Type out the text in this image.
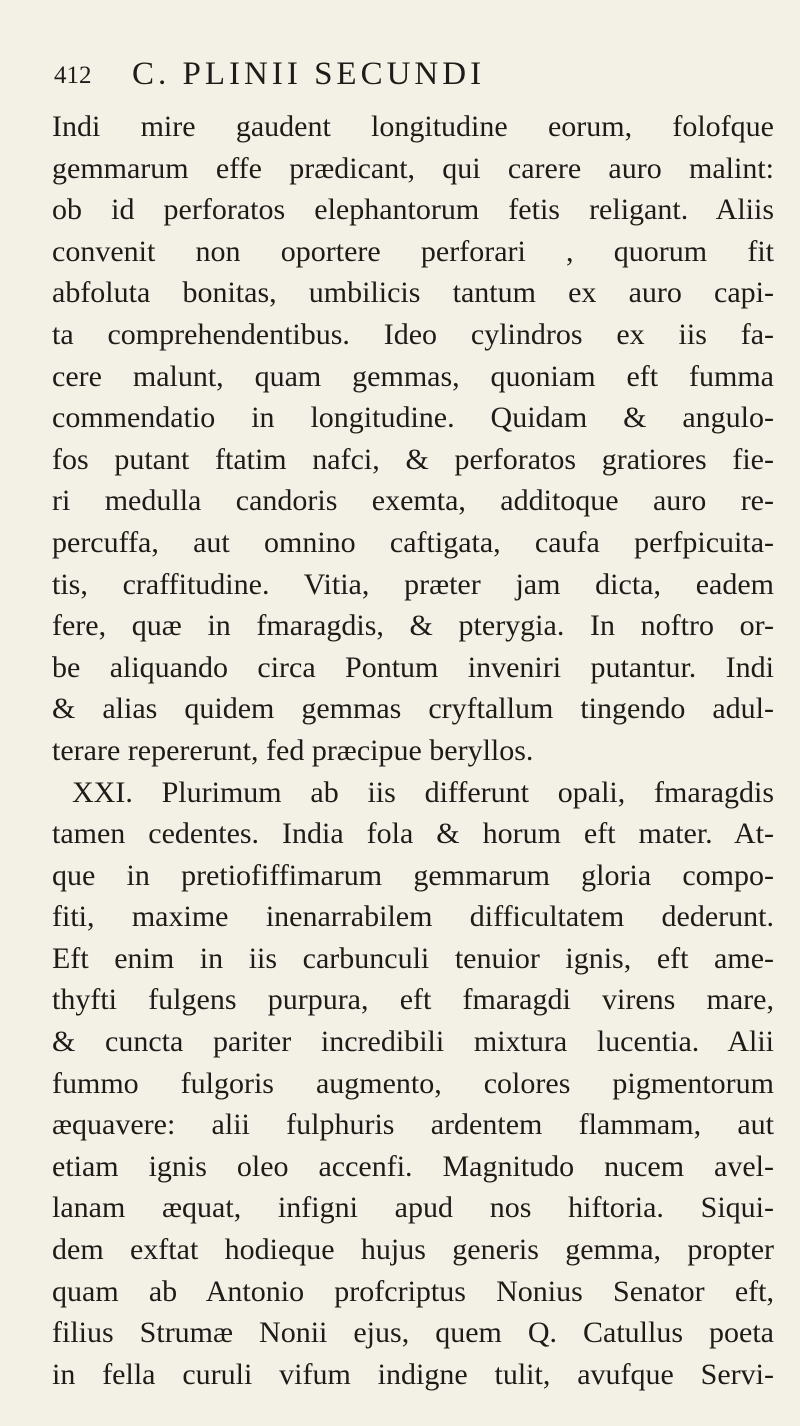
412 C. PLINII SECUNDI
Indi mire gaudent longitudine eorum, folofque
gemmarum effe prædicant, qui carere auro malint:
ob id perforatos elephantorum fetis religant. Aliis
convenit non oportere perforari , quorum fit
abfoluta bonitas, umbilicis tantum ex auro capi-
ta comprehendentibus. Ideo cylindros ex iis fa-
cere malunt, quam gemmas, quoniam eft fumma
commendatio in longitudine. Quidam & angulo-
fos putant ftatim nafci, & perforatos gratiores fie-
ri medulla candoris exemta, additoque auro re-
percuffa, aut omnino caftigata, caufa perfpicuita-
tis, craffitudine. Vitia, præter jam dicta, eadem
fere, quæ in fmaragdis, & pterygia. In noftro or-
be aliquando circa Pontum inveniri putantur. Indi
& alias quidem gemmas cryftallum tingendo adul-
terare repererunt, fed præcipue beryllos.
XXI. Plurimum ab iis differunt opali, fmaragdis
tamen cedentes. India fola & horum eft mater. At-
que in pretiofiffimarum gemmarum gloria compo-
fiti, maxime inenarrabilem difficultatem dederunt.
Eft enim in iis carbunculi tenuior ignis, eft ame-
thyfti fulgens purpura, eft fmaragdi virens mare,
& cuncta pariter incredibili mixtura lucentia. Alii
fummo fulgoris augmento, colores pigmentorum
æquavere: alii fulphuris ardentem flammam, aut
etiam ignis oleo accenfi. Magnitudo nucem avel-
lanam æquat, infigni apud nos hiftoria. Siqui-
dem exftat hodieque hujus generis gemma, propter
quam ab Antonio profcriptus Nonius Senator eft,
filius Strumæ Nonii ejus, quem Q. Catullus poeta
in fella curuli vifum indigne tulit, avufque Servi-
